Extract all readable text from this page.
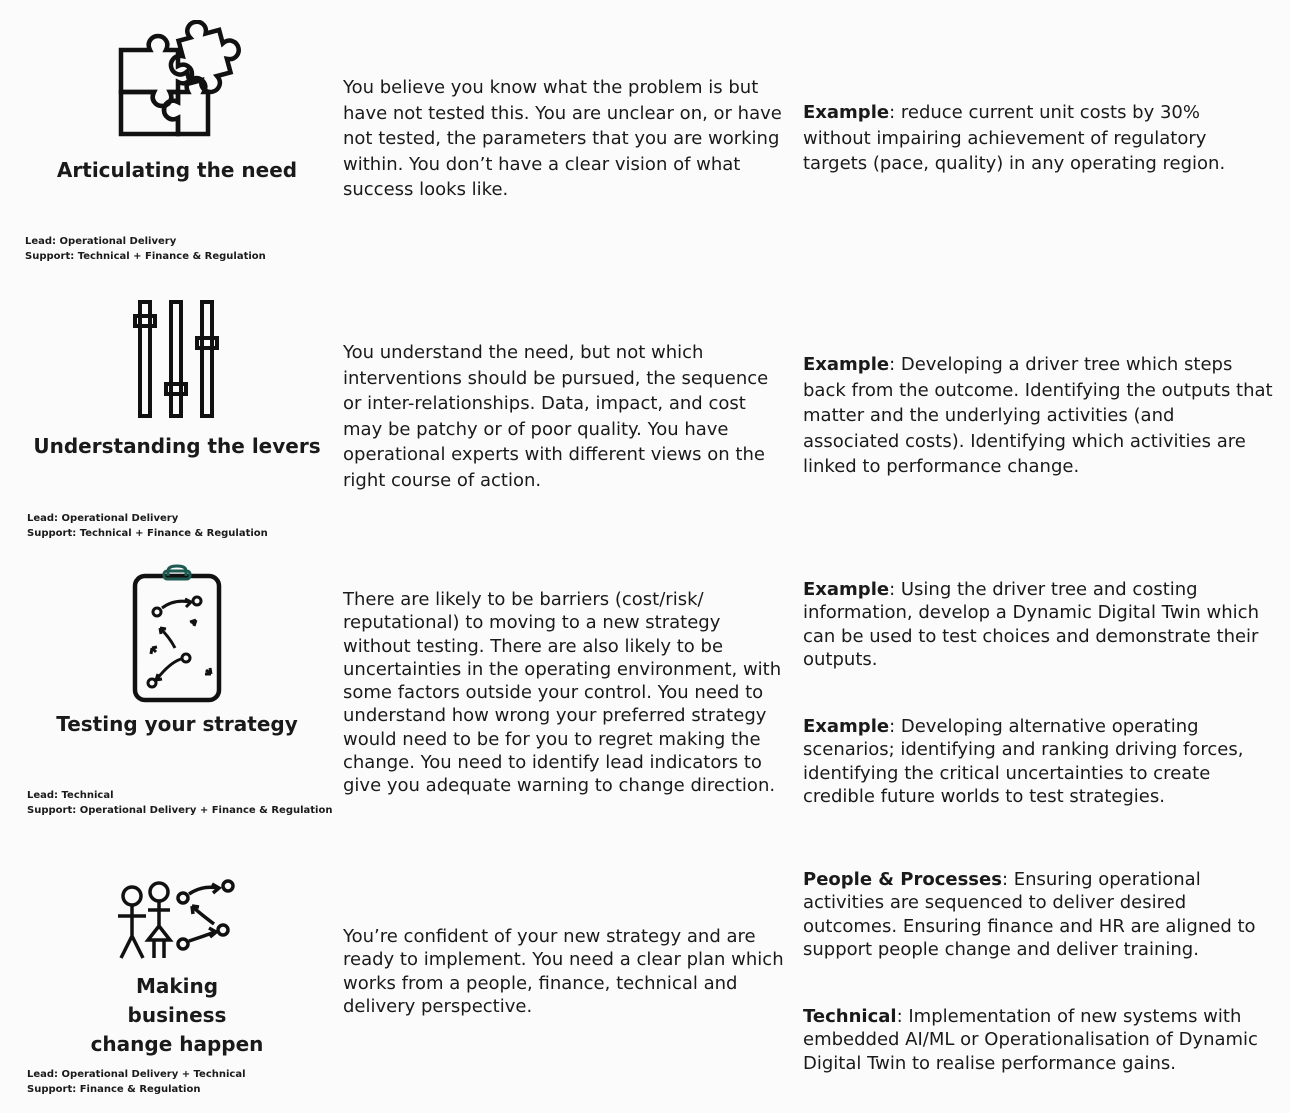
Articulating the need
Lead: Operational Delivery
Support: Technical + Finance & Regulation

You believe you know what the problem is but have not tested this. You are unclear on, or have not tested, the parameters that you are working within. You don’t have a clear vision of what success looks like.

Example: reduce current unit costs by 30% without impairing achievement of regulatory targets (pace, quality) in any operating region.

Understanding the levers
Lead: Operational Delivery
Support: Technical + Finance & Regulation

You understand the need, but not which interventions should be pursued, the sequence or inter-relationships. Data, impact, and cost may be patchy or of poor quality. You have operational experts with different views on the right course of action.

Example: Developing a driver tree which steps back from the outcome. Identifying the outputs that matter and the underlying activities (and associated costs). Identifying which activities are linked to performance change.

Testing your strategy
Lead: Technical
Support: Operational Delivery + Finance & Regulation

There are likely to be barriers (cost/risk/ reputational) to moving to a new strategy without testing. There are also likely to be uncertainties in the operating environment, with some factors outside your control. You need to understand how wrong your preferred strategy would need to be for you to regret making the change. You need to identify lead indicators to give you adequate warning to change direction.

Example: Using the driver tree and costing information, develop a Dynamic Digital Twin which can be used to test choices and demonstrate their outputs.

Example: Developing alternative operating scenarios; identifying and ranking driving forces, identifying the critical uncertainties to create credible future worlds to test strategies.

Making business change happen
Lead: Operational Delivery + Technical
Support: Finance & Regulation

You’re confident of your new strategy and are ready to implement. You need a clear plan which works from a people, finance, technical and delivery perspective.

People & Processes: Ensuring operational activities are sequenced to deliver desired outcomes. Ensuring finance and HR are aligned to support people change and deliver training.

Technical: Implementation of new systems with embedded AI/ML or Operationalisation of Dynamic Digital Twin to realise performance gains.
